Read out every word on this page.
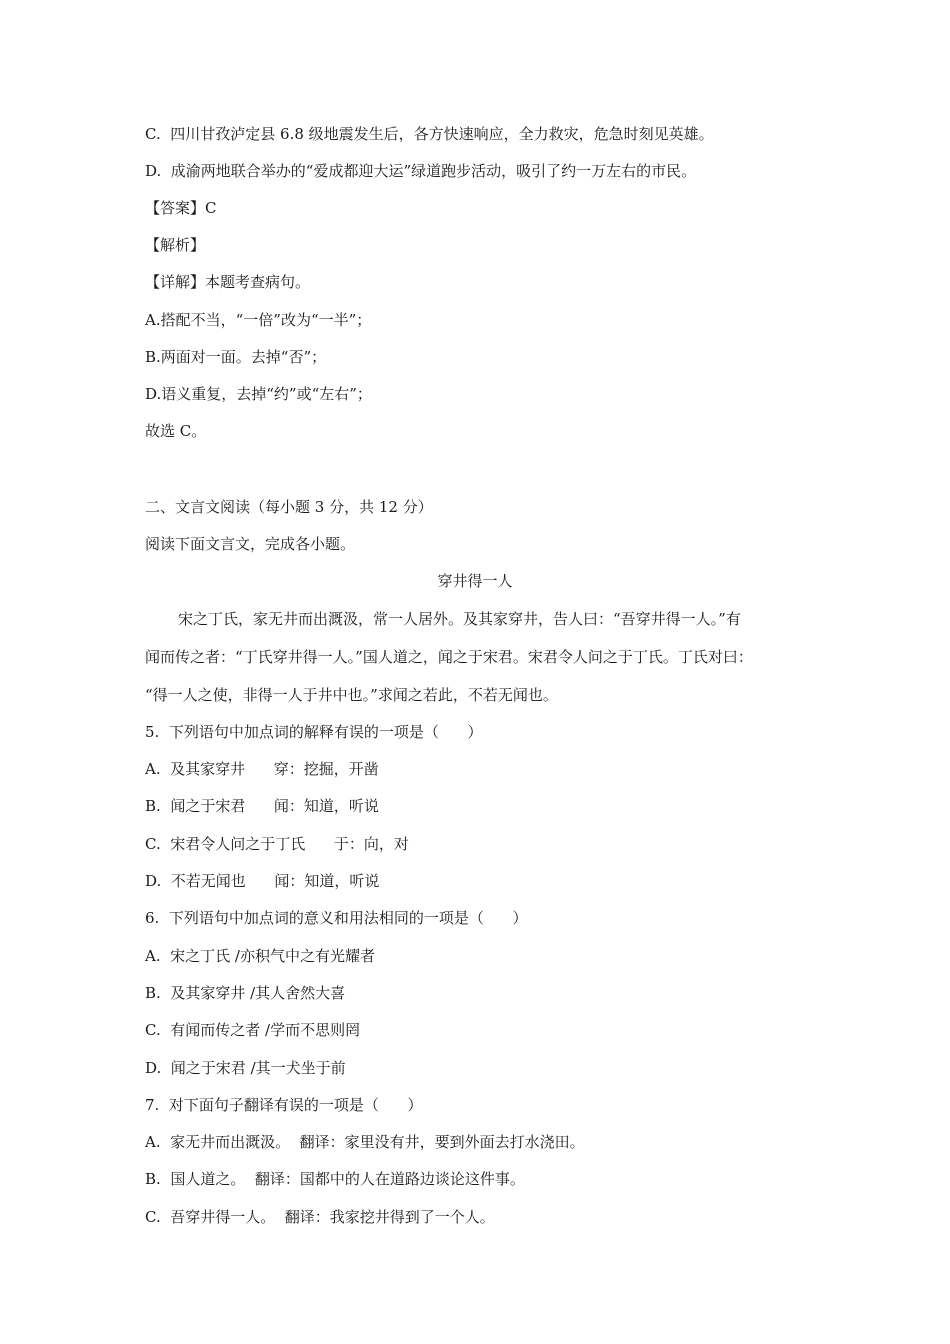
C.  四川甘孜泸定县 6.8 级地震发生后，各方快速响应，全力救灾，危急时刻见英雄。
D.  成渝两地联合举办的“爱成都迎大运”绿道跑步活动，吸引了约一万左右的市民。
【答案】C
【解析】
【详解】本题考查病句。
A.搭配不当，“一倍”改为“一半”；
B.两面对一面。去掉“否”；
D.语义重复，去掉“约”或“左右”；
故选 C。
二、文言文阅读（每小题 3 分，共 12 分）
阅读下面文言文，完成各小题。
穿井得一人
宋之丁氏，家无井而出溉汲，常一人居外。及其家穿井，告人曰：“吾穿井得一人。”有
闻而传之者：“丁氏穿井得一人。”国人道之，闻之于宋君。宋君令人问之于丁氏。丁氏对曰：
“得一人之使，非得一人于井中也。”求闻之若此，不若无闻也。
5.  下列语句中加点词的解释有误的一项是（      ）
A.  及其家穿井      穿：挖掘，开凿
B.  闻之于宋君      闻：知道，听说
C.  宋君令人问之于丁氏      于：向，对
D.  不若无闻也      闻：知道，听说
6.  下列语句中加点词的意义和用法相同的一项是（      ）
A.  宋之丁氏 /亦积气中之有光耀者
B.  及其家穿井 /其人舍然大喜
C.  有闻而传之者 /学而不思则罔
D.  闻之于宋君 /其一犬坐于前
7.  对下面句子翻译有误的一项是（      ）
A.  家无井而出溉汲。  翻译：家里没有井，要到外面去打水浇田。
B.  国人道之。  翻译：国都中的人在道路边谈论这件事。
C.  吾穿井得一人。  翻译：我家挖井得到了一个人。
